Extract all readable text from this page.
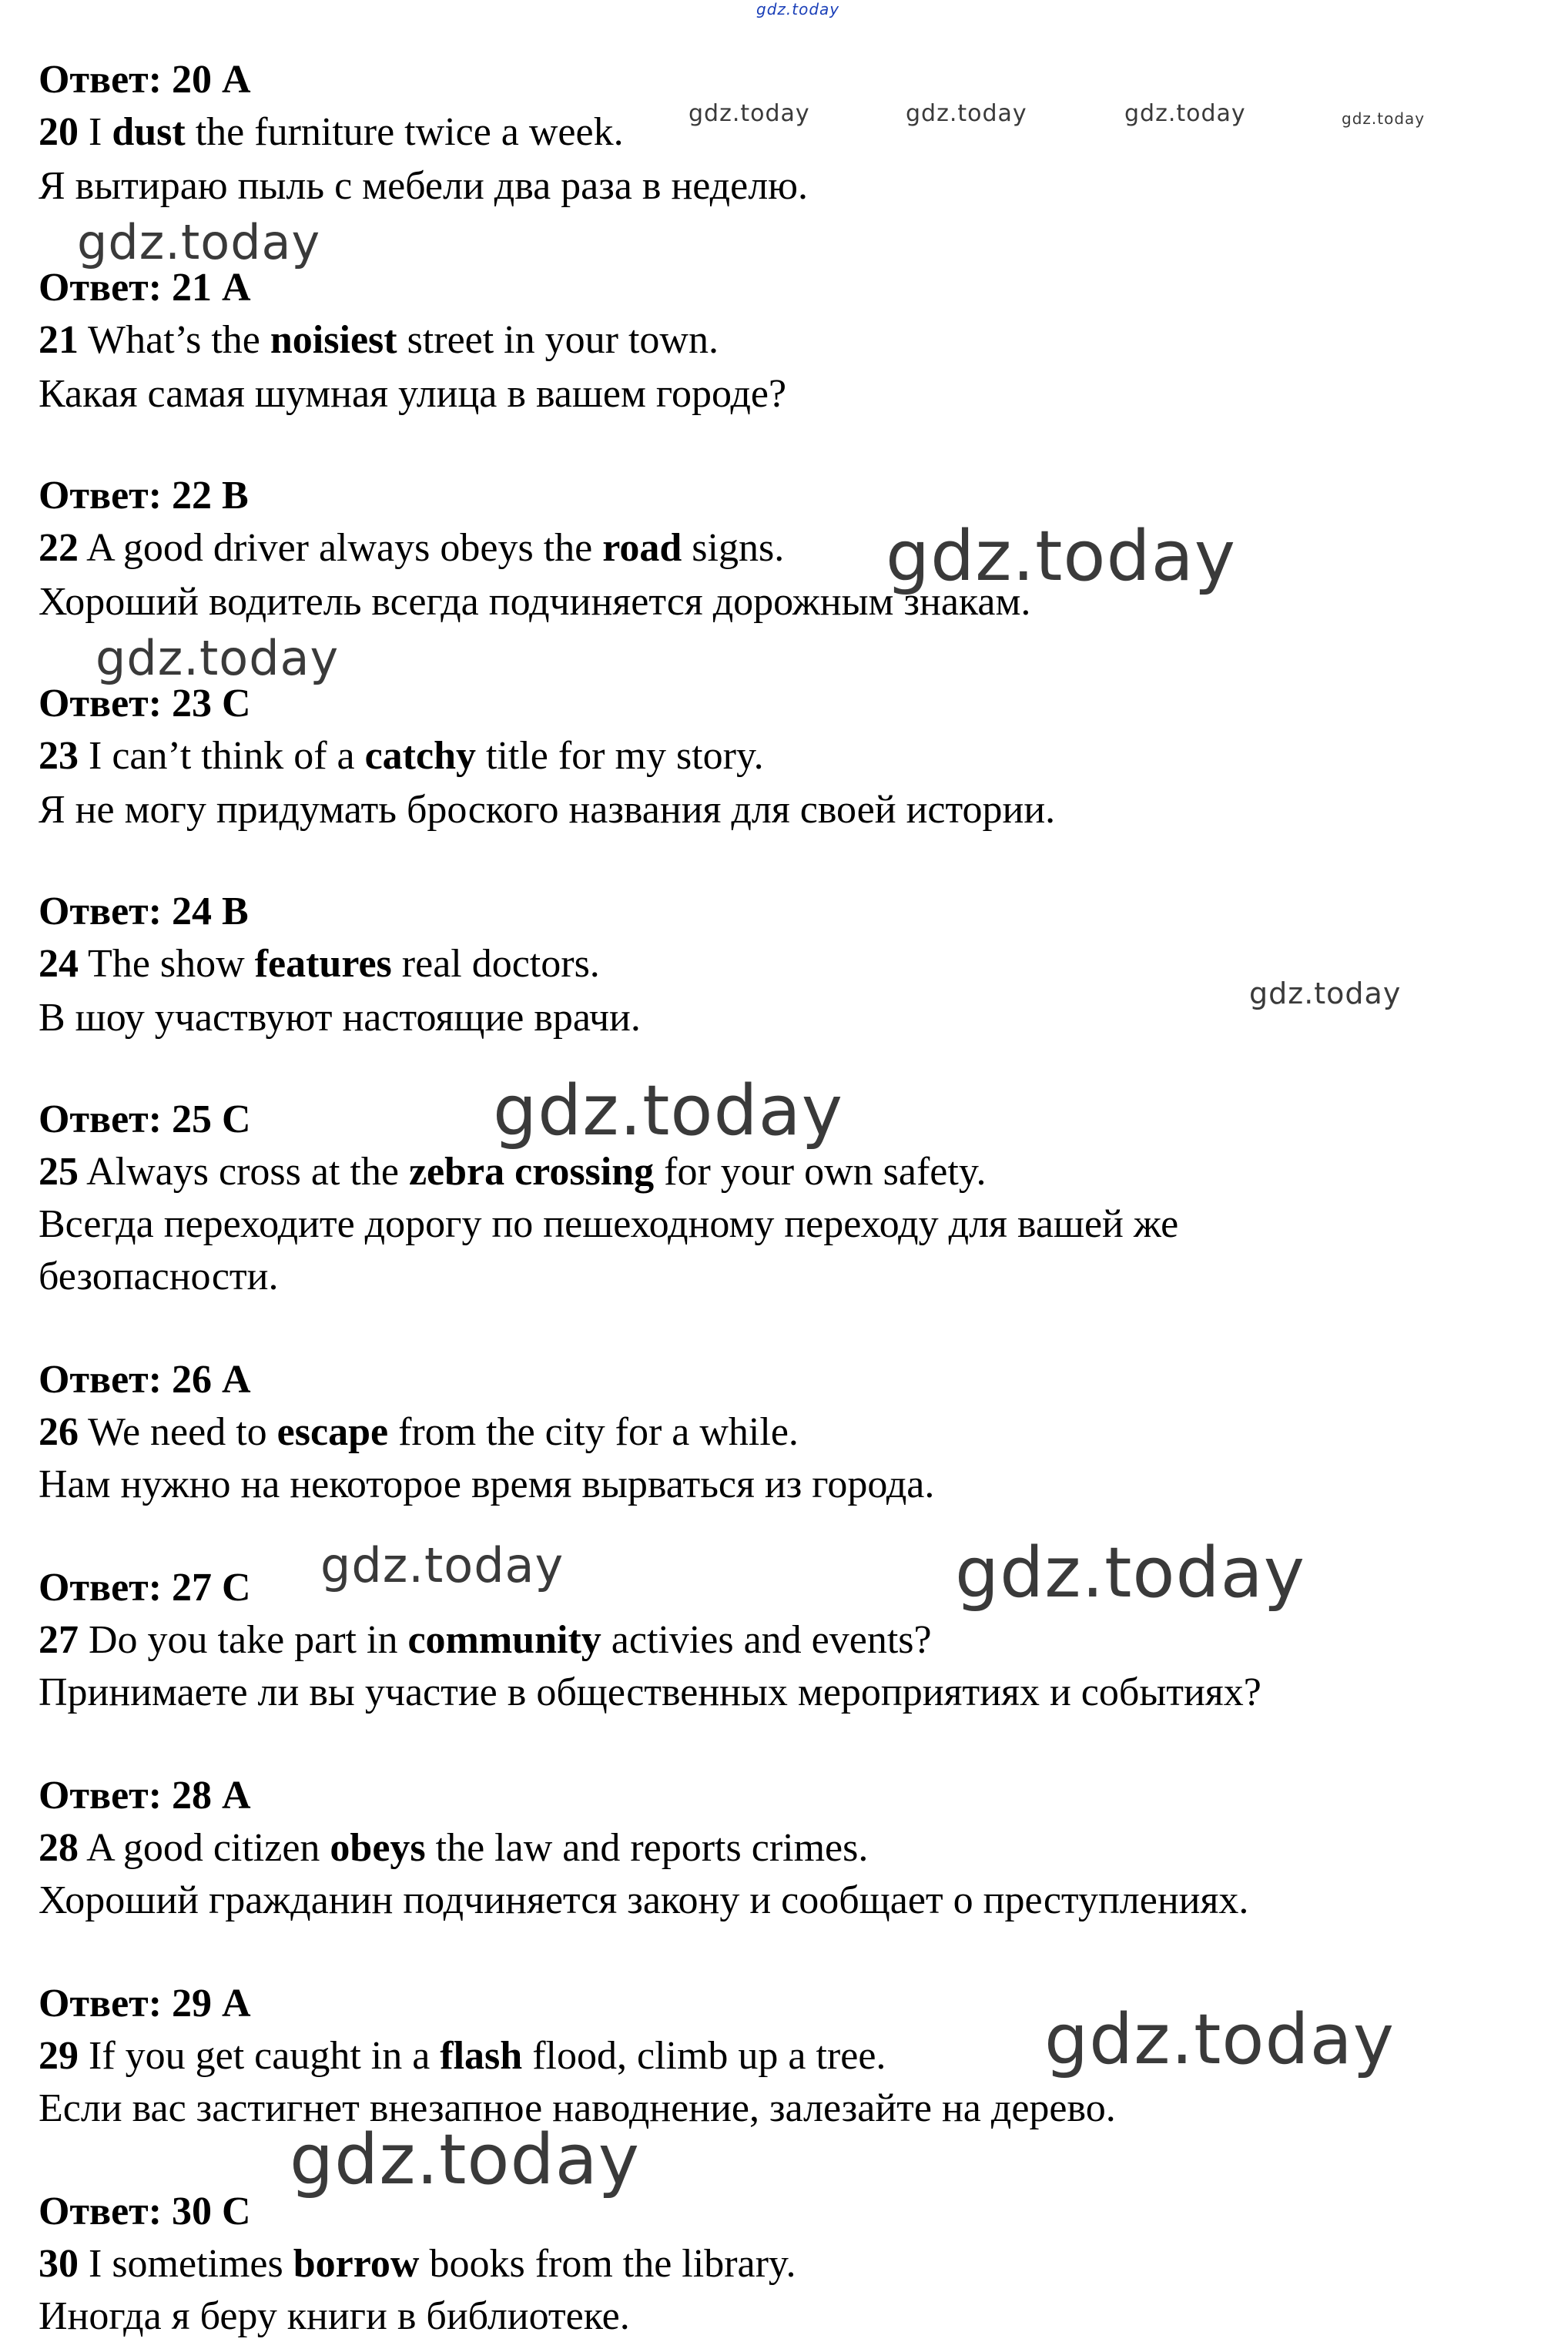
Ответ: 20 A
20 I dust the furniture twice a week.
Я вытираю пыль с мебели два раза в неделю.
Ответ: 21 A
21 What’s the noisiest street in your town.
Какая самая шумная улица в вашем городе?
Ответ: 22 B
22 A good driver always obeys the road signs.
Хороший водитель всегда подчиняется дорожным знакам.
Ответ: 23 C
23 I can’t think of a catchy title for my story.
Я не могу придумать броского названия для своей истории.
Ответ: 24 B
24 The show features real doctors.
В шоу участвуют настоящие врачи.
Ответ: 25 C
25 Always cross at the zebra crossing for your own safety.
Всегда переходите дорогу по пешеходному переходу для вашей же
безопасности.
Ответ: 26 A
26 We need to escape from the city for a while.
Нам нужно на некоторое время вырваться из города.
Ответ: 27 C
27 Do you take part in community activies and events?
Принимаете ли вы участие в общественных мероприятиях и событиях?
Ответ: 28 A
28 A good citizen obeys the law and reports crimes.
Хороший гражданин подчиняется закону и сообщает о преступлениях.
Ответ: 29 A
29 If you get caught in a flash flood, climb up a tree.
Если вас застигнет внезапное наводнение, залезайте на дерево.
Ответ: 30 C
30 I sometimes borrow books from the library.
Иногда я беру книги в библиотеке.
gdz.today
gdz.today	gdz.today	gdz.today	gdz.today
gdz.today
gdz.today
gdz.today
gdz.today
gdz.today
gdz.today	gdz.today
gdz.today
gdz.today
